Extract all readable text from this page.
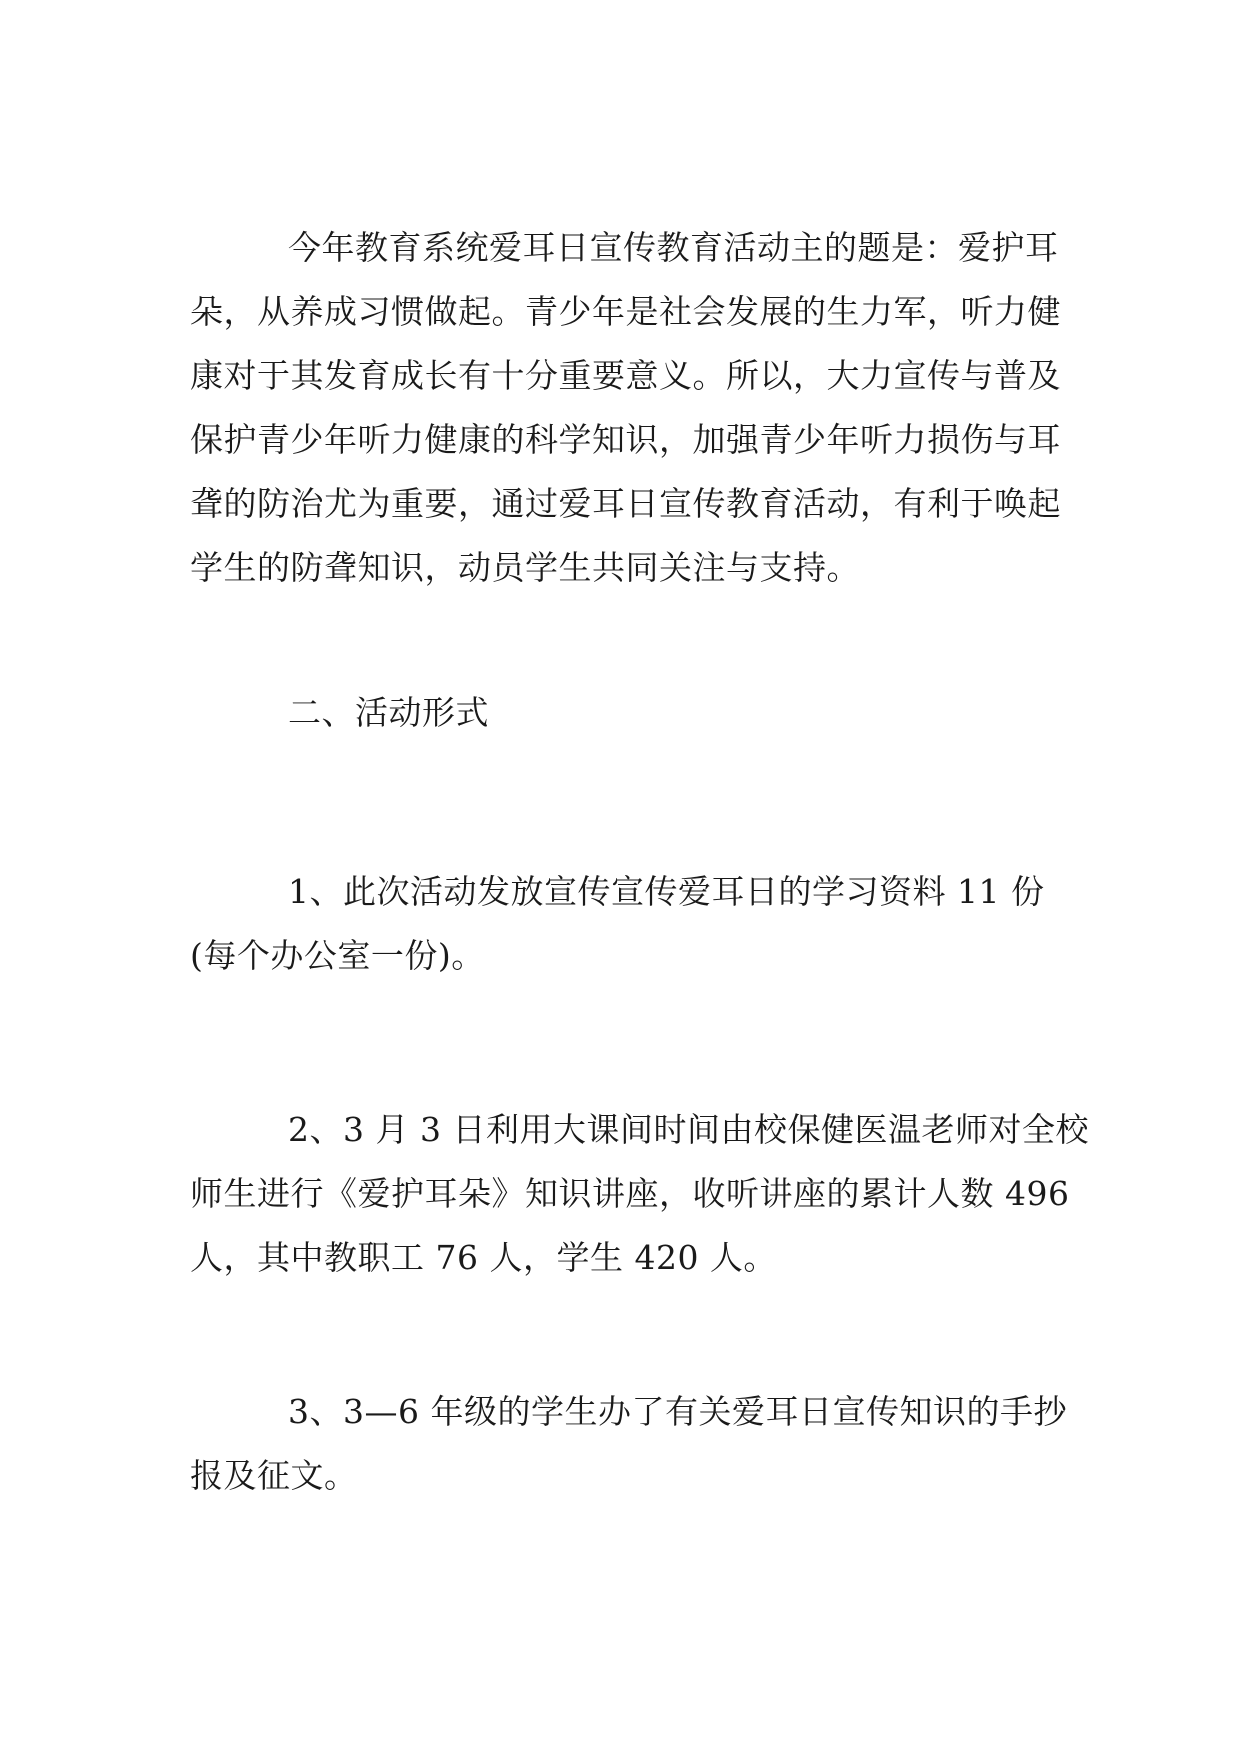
今年教育系统爱耳日宣传教育活动主的题是：爱护耳
朵，从养成习惯做起。青少年是社会发展的生力军，听力健
康对于其发育成长有十分重要意义。所以，大力宣传与普及
保护青少年听力健康的科学知识，加强青少年听力损伤与耳
聋的防治尤为重要，通过爱耳日宣传教育活动，有利于唤起
学生的防聋知识，动员学生共同关注与支持。

二、活动形式

1、此次活动发放宣传宣传爱耳日的学习资料 11 份
(每个办公室一份)。

2、3 月 3 日利用大课间时间由校保健医温老师对全校
师生进行《爱护耳朵》知识讲座，收听讲座的累计人数 496
人，其中教职工 76 人，学生 420 人。

3、3—6 年级的学生办了有关爱耳日宣传知识的手抄
报及征文。
